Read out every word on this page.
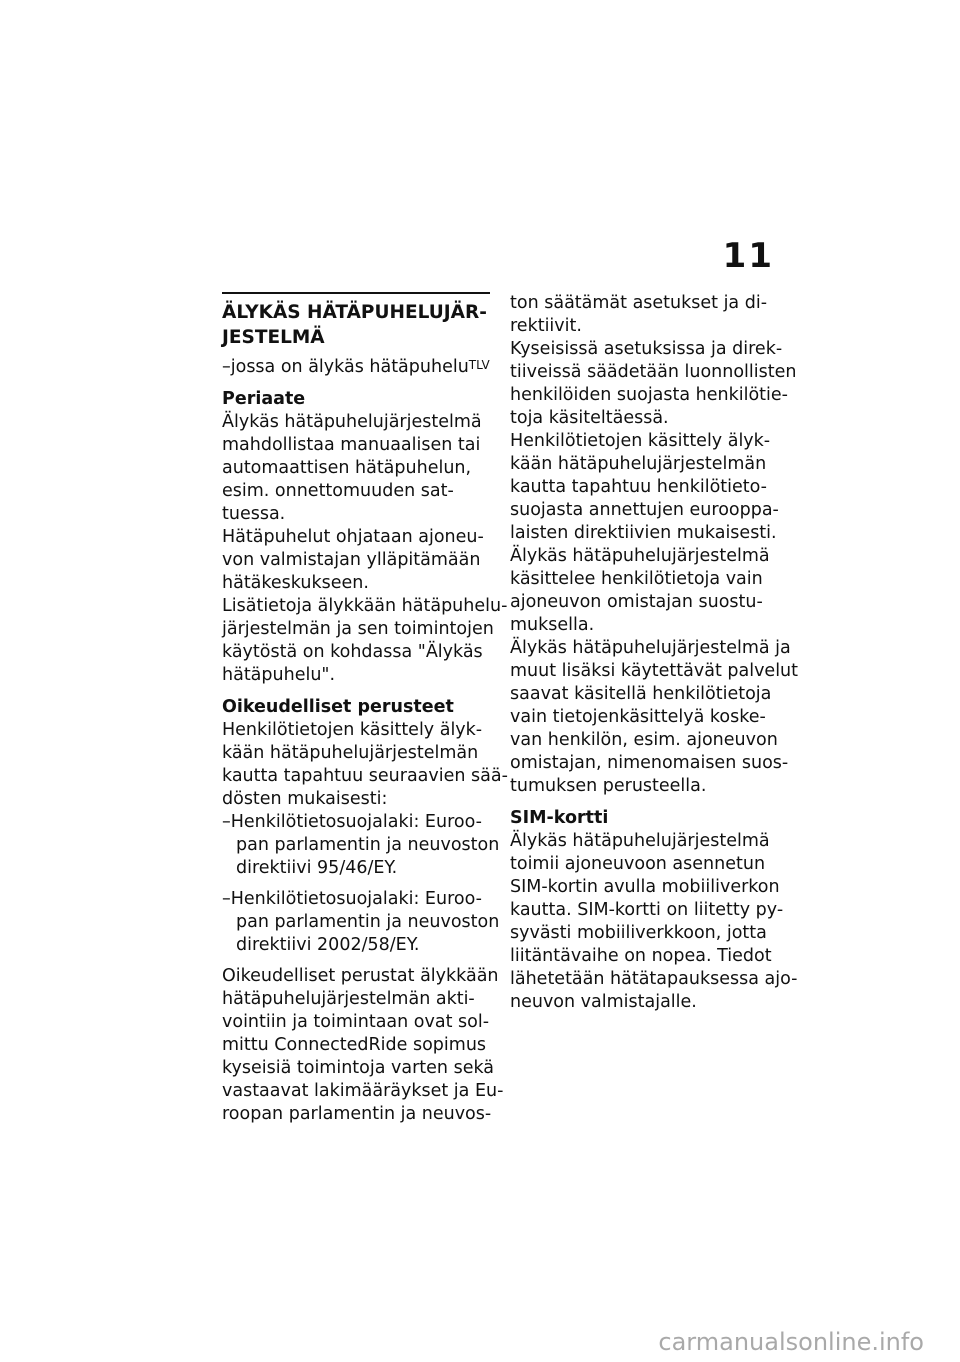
11
ÄLYKÄS HÄTÄPUHELUJÄR-
JESTELMÄ
–jossa on älykäs hätäpuhelu$^{TLV}$
Periaate
Älykäs hätäpuhelujärjestelmä
mahdollistaa manuaalisen tai
automaattisen hätäpuhelun,
esim. onnettomuuden sat-
tuessa.
Hätäpuhelut ohjataan ajoneu-
von valmistajan ylläpitämään
hätäkeskukseen.
Lisätietoja älykkään hätäpuhelu-
järjestelmän ja sen toimintojen
käytöstä on kohdassa "Älykäs
hätäpuhelu".
Oikeudelliset perusteet
Henkilötietojen käsittely älyk-
kään hätäpuhelujärjestelmän
kautta tapahtuu seuraavien sää-
dösten mukaisesti:
–Henkilötietosuojalaki: Euroo-
pan parlamentin ja neuvoston
direktiivi 95/46/EY.
–Henkilötietosuojalaki: Euroo-
pan parlamentin ja neuvoston
direktiivi 2002/58/EY.
Oikeudelliset perustat älykkään
hätäpuhelujärjestelmän akti-
vointiin ja toimintaan ovat sol-
mittu ConnectedRide sopimus
kyseisiä toimintoja varten sekä
vastaavat lakimääräykset ja Eu-
roopan parlamentin ja neuvos-
ton säätämät asetukset ja di-
rektiivit.
Kyseisissä asetuksissa ja direk-
tiiveissä säädetään luonnollisten
henkilöiden suojasta henkilötie-
toja käsiteltäessä.
Henkilötietojen käsittely älyk-
kään hätäpuhelujärjestelmän
kautta tapahtuu henkilötieto-
suojasta annettujen eurooppa-
laisten direktiivien mukaisesti.
Älykäs hätäpuhelujärjestelmä
käsittelee henkilötietoja vain
ajoneuvon omistajan suostu-
muksella.
Älykäs hätäpuhelujärjestelmä ja
muut lisäksi käytettävät palvelut
saavat käsitellä henkilötietoja
vain tietojenkäsittelyä koske-
van henkilön, esim. ajoneuvon
omistajan, nimenomaisen suos-
tumuksen perusteella.
SIM-kortti
Älykäs hätäpuhelujärjestelmä
toimii ajoneuvoon asennetun
SIM-kortin avulla mobiiliverkon
kautta. SIM-kortti on liitetty py-
syvästi mobiiliverkkoon, jotta
liitäntävaihe on nopea. Tiedot
lähetetään hätätapauksessa ajo-
neuvon valmistajalle.
carmanualsonline.info
